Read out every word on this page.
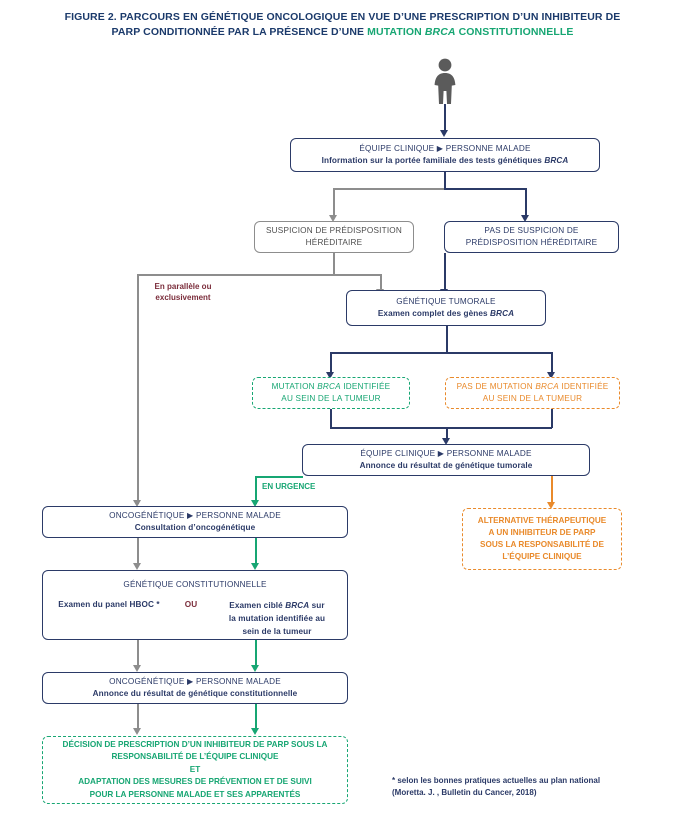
FIGURE 2. PARCOURS EN GÉNÉTIQUE ONCOLOGIQUE EN VUE D’UNE PRESCRIPTION D’UN INHIBITEUR DE
PARP CONDITIONNÉE PAR LA PRÉSENCE D’UNE MUTATION BRCA CONSTITUTIONNELLE
ÉQUIPE CLINIQUE ▶ PERSONNE MALADE
Information sur la portée familiale des tests génétiques BRCA
SUSPICION DE PRÉDISPOSITION
HÉRÉDITAIRE
PAS DE SUSPICION DE
PRÉDISPOSITION HÉRÉDITAIRE
En parallèle ou
exclusivement	GÉNÉTIQUE TUMORALE
Examen complet des gènes BRCA
MUTATION BRCA IDENTIFIÉE
AU SEIN DE LA TUMEUR
PAS DE MUTATION BRCA IDENTIFIÉE
AU SEIN DE LA TUMEUR
ÉQUIPE CLINIQUE ▶ PERSONNE MALADE
Annonce du résultat de génétique tumorale
ALTERNATIVE THÉRAPEUTIQUE
A UN INHIBITEUR DE PARP
SOUS LA RESPONSABILITÉ DE
L’ÉQUIPE CLINIQUE
EN URGENCE
ONCOGÉNÉTIQUE ▶ PERSONNE MALADE
Consultation d’oncogénétique
GÉNÉTIQUE CONSTITUTIONNELLE
Examen du panel HBOC *	OU	Examen ciblé BRCA sur
la mutation identifiée au
sein de la tumeur
ONCOGÉNÉTIQUE ▶ PERSONNE MALADE
Annonce du résultat de génétique constitutionnelle
DÉCISION DE PRESCRIPTION D’UN INHIBITEUR DE PARP SOUS LA
RESPONSABILITÉ DE L’ÉQUIPE CLINIQUE
ET
ADAPTATION DES MESURES DE PRÉVENTION ET DE SUIVI
POUR LA PERSONNE MALADE ET SES APPARENTÉS
* selon les bonnes pratiques actuelles au plan national
(Moretta. J. , Bulletin du Cancer, 2018)
